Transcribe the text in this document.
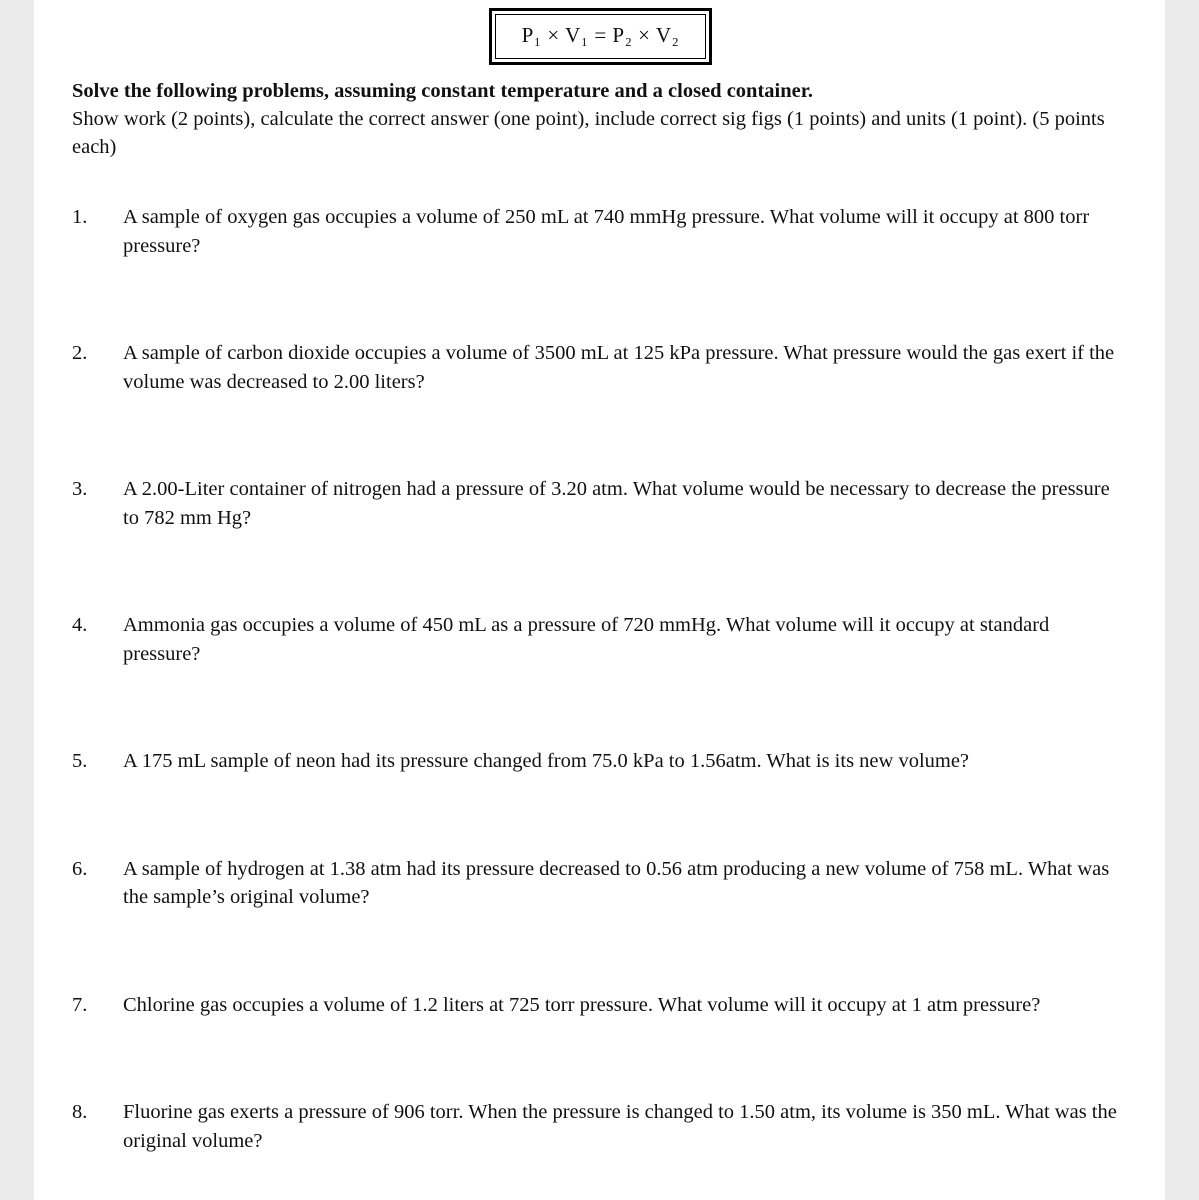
P₁ × V₁ = P₂ × V₂
Solve the following problems, assuming constant temperature and a closed container.
Show work (2 points), calculate the correct answer (one point), include correct sig figs (1 points) and units (1 point). (5 points each)
1.	A sample of oxygen gas occupies a volume of 250 mL at 740 mmHg pressure. What volume will it occupy at 800 torr pressure?
2.	A sample of carbon dioxide occupies a volume of 3500 mL at 125 kPa pressure. What pressure would the gas exert if the volume was decreased to 2.00 liters?
3.	A 2.00-Liter container of nitrogen had a pressure of 3.20 atm. What volume would be necessary to decrease the pressure to 782 mm Hg?
4.	Ammonia gas occupies a volume of 450 mL as a pressure of 720 mmHg. What volume will it occupy at standard pressure?
5.	A 175 mL sample of neon had its pressure changed from 75.0 kPa to 1.56atm. What is its new volume?
6.	A sample of hydrogen at 1.38 atm had its pressure decreased to 0.56 atm producing a new volume of 758 mL. What was the sample’s original volume?
7.	Chlorine gas occupies a volume of 1.2 liters at 725 torr pressure. What volume will it occupy at 1 atm pressure?
8.	Fluorine gas exerts a pressure of 906 torr. When the pressure is changed to 1.50 atm, its volume is 350 mL. What was the original volume?
